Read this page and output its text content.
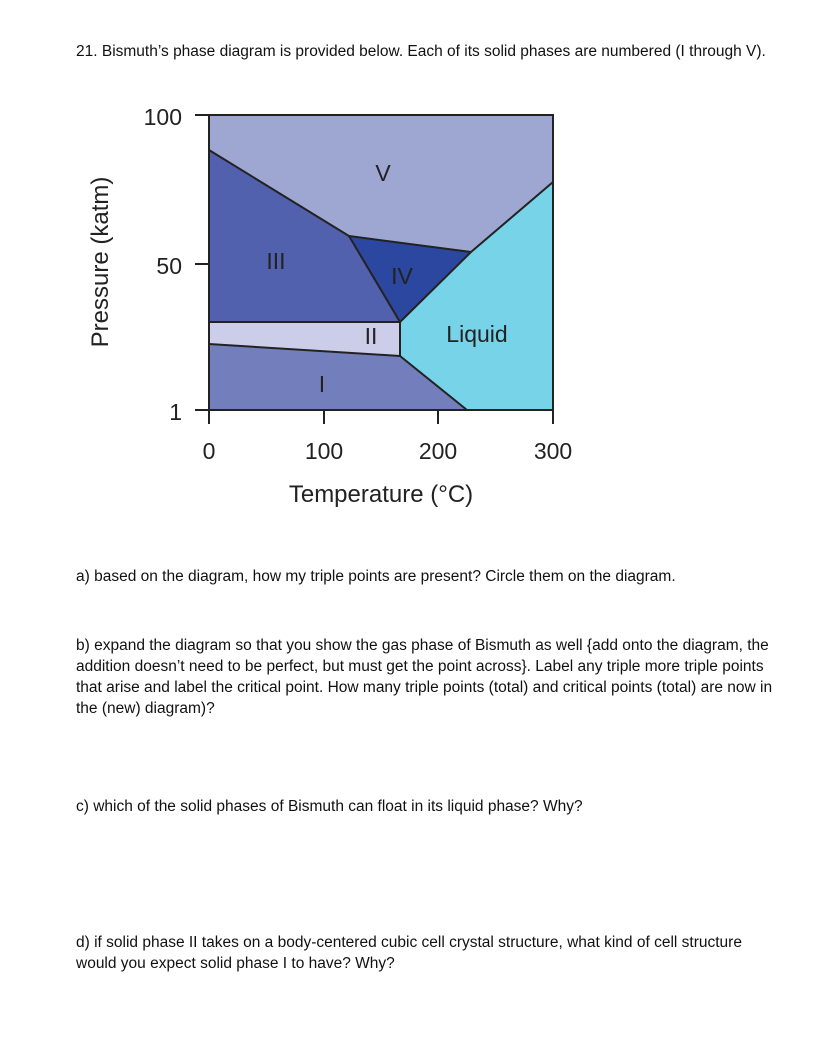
21. Bismuth’s phase diagram is provided below. Each of its solid phases are numbered (I through V).

100
50
1
0	100	200	300
Temperature (°C)
Pressure (katm)
V
III
IV
II
I
Liquid

a) based on the diagram, how my triple points are present? Circle them on the diagram.

b) expand the diagram so that you show the gas phase of Bismuth as well {add onto the diagram, the addition doesn’t need to be perfect, but must get the point across}. Label any triple more triple points that arise and label the critical point. How many triple points (total) and critical points (total) are now in the (new) diagram)?

c) which of the solid phases of Bismuth can float in its liquid phase? Why?

d) if solid phase II takes on a body-centered cubic cell crystal structure, what kind of cell structure would you expect solid phase I to have? Why?
